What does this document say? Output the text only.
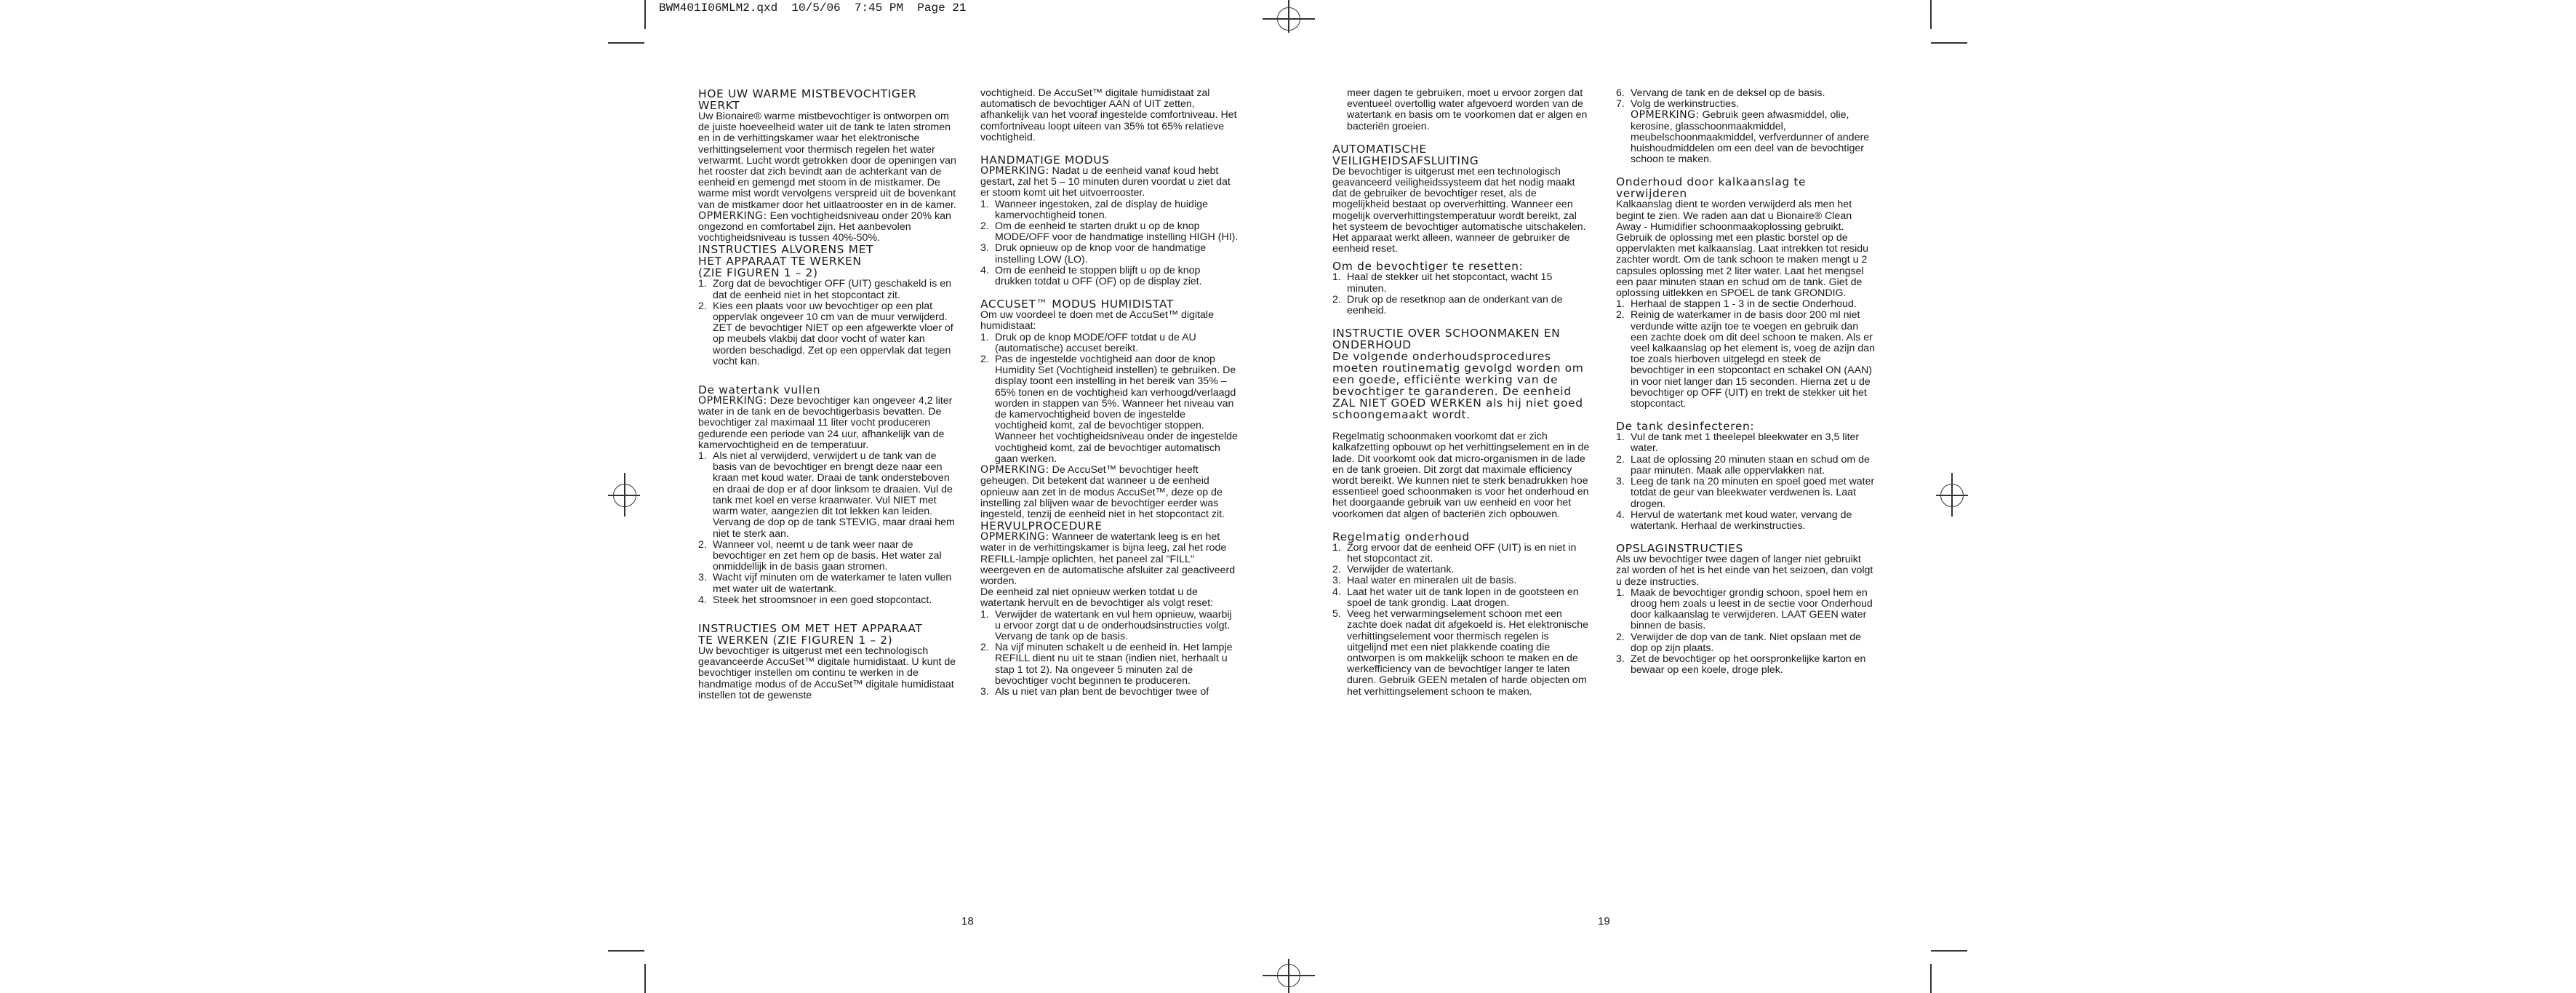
BWM401I06MLM2.qxd  10/5/06  7:45 PM  Page 21

HOE UW WARME MISTBEVOCHTIGER WERKT

Uw Bionaire® warme mistbevochtiger is ontworpen om de juiste hoeveelheid water uit de tank te laten stromen en in de verhittingskamer waar het elektronische verhittingselement voor thermisch regelen het water verwarmt. Lucht wordt getrokken door de openingen van het rooster dat zich bevindt aan de achterkant van de eenheid en gemengd met stoom in de mistkamer. De warme mist wordt vervolgens verspreid uit de bovenkant van de mistkamer door het uitlaatrooster en in de kamer.

OPMERKING: Een vochtigheidsniveau onder 20% kan ongezond en comfortabel zijn. Het aanbevolen vochtigheidsniveau is tussen 40%-50%.

INSTRUCTIES ALVORENS MET
HET APPARAAT TE WERKEN
(ZIE FIGUREN 1 – 2)

1. Zorg dat de bevochtiger OFF (UIT) geschakeld is en dat de eenheid niet in het stopcontact zit.
2. Kies een plaats voor uw bevochtiger op een plat oppervlak ongeveer 10 cm van de muur verwijderd. ZET de bevochtiger NIET op een afgewerkte vloer of op meubels vlakbij dat door vocht of water kan worden beschadigd. Zet op een oppervlak dat tegen vocht kan.

De watertank vullen

OPMERKING: Deze bevochtiger kan ongeveer 4,2 liter water in de tank en de bevochtigerbasis bevatten. De bevochtiger zal maximaal 11 liter vocht produceren gedurende een periode van 24 uur, afhankelijk van de kamervochtigheid en de temperatuur.

1. Als niet al verwijderd, verwijdert u de tank van de basis van de bevochtiger en brengt deze naar een kraan met koud water. Draai de tank ondersteboven en draai de dop er af door linksom te draaien. Vul de tank met koel en verse kraanwater. Vul NIET met warm water, aangezien dit tot lekken kan leiden. Vervang de dop op de tank STEVIG, maar draai hem niet te sterk aan.
2. Wanneer vol, neemt u de tank weer naar de bevochtiger en zet hem op de basis. Het water zal onmiddellijk in de basis gaan stromen.
3. Wacht vijf minuten om de waterkamer te laten vullen met water uit de watertank.
4. Steek het stroomsnoer in een goed stopcontact.

INSTRUCTIES OM MET HET APPARAAT
TE WERKEN (ZIE FIGUREN 1 – 2)

Uw bevochtiger is uitgerust met een technologisch geavanceerde AccuSet™ digitale humidistaat. U kunt de bevochtiger instellen om continu te werken in de handmatige modus of de AccuSet™ digitale humidistaat instellen tot de gewenste

vochtigheid. De AccuSet™ digitale humidistaat zal automatisch de bevochtiger AAN of UIT zetten, afhankelijk van het vooraf ingestelde comfortniveau. Het comfortniveau loopt uiteen van 35% tot 65% relatieve vochtigheid.

HANDMATIGE MODUS

OPMERKING: Nadat u de eenheid vanaf koud hebt gestart, zal het 5 – 10 minuten duren voordat u ziet dat er stoom komt uit het uitvoerrooster.

1. Wanneer ingestoken, zal de display de huidige kamervochtigheid tonen.
2. Om de eenheid te starten drukt u op de knop MODE/OFF voor de handmatige instelling HIGH (HI).
3. Druk opnieuw op de knop voor de handmatige instelling LOW (LO).
4. Om de eenheid te stoppen blijft u op de knop drukken totdat u OFF (OF) op de display ziet.

ACCUSET™ MODUS HUMIDISTAT

Om uw voordeel te doen met de AccuSet™ digitale humidistaat:

1. Druk op de knop MODE/OFF totdat u de AU (automatische) accuset bereikt.
2. Pas de ingestelde vochtigheid aan door de knop Humidity Set (Vochtigheid instellen) te gebruiken. De display toont een instelling in het bereik van 35% – 65% tonen en de vochtigheid kan verhoogd/verlaagd worden in stappen van 5%. Wanneer het niveau van de kamervochtigheid boven de ingestelde vochtigheid komt, zal de bevochtiger stoppen. Wanneer het vochtigheidsniveau onder de ingestelde vochtigheid komt, zal de bevochtiger automatisch gaan werken.

OPMERKING: De AccuSet™ bevochtiger heeft geheugen. Dit betekent dat wanneer u de eenheid opnieuw aan zet in de modus AccuSet™, deze op de instelling zal blijven waar de bevochtiger eerder was ingesteld, tenzij de eenheid niet in het stopcontact zit.

HERVULPROCEDURE

OPMERKING: Wanneer de watertank leeg is en het water in de verhittingskamer is bijna leeg, zal het rode REFILL-lampje oplichten, het paneel zal "FILL" weergeven en de automatische afsluiter zal geactiveerd worden.

De eenheid zal niet opnieuw werken totdat u de watertank hervult en de bevochtiger als volgt reset:

1. Verwijder de watertank en vul hem opnieuw, waarbij u ervoor zorgt dat u de onderhoudsinstructies volgt. Vervang de tank op de basis.
2. Na vijf minuten schakelt u de eenheid in. Het lampje REFILL dient nu uit te staan (indien niet, herhaalt u stap 1 tot 2). Na ongeveer 5 minuten zal de bevochtiger vocht beginnen te produceren.
3. Als u niet van plan bent de bevochtiger twee of

meer dagen te gebruiken, moet u ervoor zorgen dat eventueel overtollig water afgevoerd worden van de watertank en basis om te voorkomen dat er algen en bacteriën groeien.

AUTOMATISCHE
VEILIGHEIDSAFSLUITING

De bevochtiger is uitgerust met een technologisch geavanceerd veiligheidssysteem dat het nodig maakt dat de gebruiker de bevochtiger reset, als de mogelijkheid bestaat op oververhitting. Wanneer een mogelijk oververhittingstemperatuur wordt bereikt, zal het systeem de bevochtiger automatische uitschakelen.

Het apparaat werkt alleen, wanneer de gebruiker de eenheid reset.

Om de bevochtiger te resetten:

1. Haal de stekker uit het stopcontact, wacht 15 minuten.
2. Druk op de resetknop aan de onderkant van de eenheid.

INSTRUCTIE OVER SCHOONMAKEN EN
ONDERHOUD

De volgende onderhoudsprocedures moeten routinematig gevolgd worden om een goede, efficiënte werking van de bevochtiger te garanderen. De eenheid ZAL NIET GOED WERKEN als hij niet goed schoongemaakt wordt.

Regelmatig schoonmaken voorkomt dat er zich kalkafzetting opbouwt op het verhittingselement en in de lade. Dit voorkomt ook dat micro-organismen in de lade en de tank groeien. Dit zorgt dat maximale efficiency wordt bereikt. We kunnen niet te sterk benadrukken hoe essentieel goed schoonmaken is voor het onderhoud en het doorgaande gebruik van uw eenheid en voor het voorkomen dat algen of bacteriën zich opbouwen.

Regelmatig onderhoud

1. Zorg ervoor dat de eenheid OFF (UIT) is en niet in het stopcontact zit.
2. Verwijder de watertank.
3. Haal water en mineralen uit de basis.
4. Laat het water uit de tank lopen in de gootsteen en spoel de tank grondig. Laat drogen.
5. Veeg het verwarmingselement schoon met een zachte doek nadat dit afgekoeld is. Het elektronische verhittingselement voor thermisch regelen is uitgelijnd met een niet plakkende coating die ontworpen is om makkelijk schoon te maken en de werkefficiency van de bevochtiger langer te laten duren. Gebruik GEEN metalen of harde objecten om het verhittingselement schoon te maken.
6. Vervang de tank en de deksel op de basis.
7. Volg de werkinstructies.

OPMERKING: Gebruik geen afwasmiddel, olie, kerosine, glasschoonmaakmiddel, meubelschoonmaakmiddel, verfverdunner of andere huishoudmiddelen om een deel van de bevochtiger schoon te maken.

Onderhoud door kalkaanslag te
verwijderen

Kalkaanslag dient te worden verwijderd als men het begint te zien. We raden aan dat u Bionaire® Clean Away - Humidifier schoonmaakoplossing gebruikt. Gebruik de oplossing met een plastic borstel op de oppervlakten met kalkaanslag. Laat intrekken tot residu zachter wordt. Om de tank schoon te maken mengt u 2 capsules oplossing met 2 liter water. Laat het mengsel een paar minuten staan en schud om de tank. Giet de oplossing uitlekken en SPOEL de tank GRONDIG.

1. Herhaal de stappen 1 - 3 in de sectie Onderhoud.
2. Reinig de waterkamer in de basis door 200 ml niet verdunde witte azijn toe te voegen en gebruik dan een zachte doek om dit deel schoon te maken. Als er veel kalkaanslag op het element is, voeg de azijn dan toe zoals hierboven uitgelegd en steek de bevochtiger in een stopcontact en schakel ON (AAN) in voor niet langer dan 15 seconden. Hierna zet u de bevochtiger op OFF (UIT) en trekt de stekker uit het stopcontact.

De tank desinfecteren:

1. Vul de tank met 1 theelepel bleekwater en 3,5 liter water.
2. Laat de oplossing 20 minuten staan en schud om de paar minuten. Maak alle oppervlakken nat.
3. Leeg de tank na 20 minuten en spoel goed met water totdat de geur van bleekwater verdwenen is. Laat drogen.
4. Hervul de watertank met koud water, vervang de watertank. Herhaal de werkinstructies.

OPSLAGINSTRUCTIES

Als uw bevochtiger twee dagen of langer niet gebruikt zal worden of het is het einde van het seizoen, dan volgt u deze instructies.

1. Maak de bevochtiger grondig schoon, spoel hem en droog hem zoals u leest in de sectie voor Onderhoud door kalkaanslag te verwijderen. LAAT GEEN water binnen de basis.
2. Verwijder de dop van de tank. Niet opslaan met de dop op zijn plaats.
3. Zet de bevochtiger op het oorspronkelijke karton en bewaar op een koele, droge plek.
18	19
